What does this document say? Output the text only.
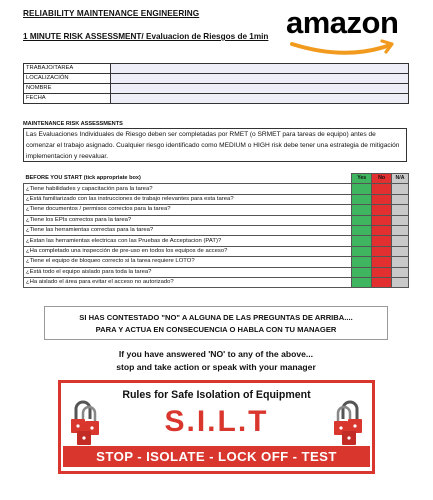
RELIABILITY MAINTENANCE ENGINEERING
1 MINUTE RISK ASSESSMENT/ Evaluacion de Riesgos de 1min amazon
TRABAJO/TAREA	
LOCALIZACIÓN	
NOMBRE	
FECHA	
MAINTENANCE RISK ASSESSMENTS
Las Evaluaciones Individuales de Riesgo deben ser completadas por RMET (o SRMET para tareas de equipo) antes de comenzar el trabajo asignado. Cualquier riesgo identificado como MEDIUM o HIGH risk debe tener una estrategia de mitigación implementacion y reevaluar.
BEFORE YOU START (tick appropriate box)	Yes	No	N/A
¿Tiene habilidades y capacitación para la tarea?			
¿Está familiarizado con las instrucciones de trabajo relevantes para esta tarea?			
¿Tiene documentos / permisos correctos para la tarea?			
¿Tiene los EPIs correctos para la tarea?			
¿Tiene las herramientas correctas para la tarea?			
¿Estan las herramientas electricas con las Pruebas de Acceptacion (PAT)?			
¿Ha completado una inspección de pre-uso en todos los equipos de acceso?			
¿Tiene el equipo de bloqueo correcto si la tarea requiere LOTO?			
¿Está todo el equipo aislado para toda la tarea?			
¿Ha aislado el área para evitar el acceso no autorizado?			
SI HAS CONTESTADO "NO" A ALGUNA DE LAS PREGUNTAS DE ARRIBA....
PARA Y ACTUA EN CONSECUENCIA O HABLA CON TU MANAGER
If you have answered 'NO' to any of the above...
stop and take action or speak with your manager
Rules for Safe Isolation of Equipment
S.I.L.T
STOP - ISOLATE - LOCK OFF - TEST
